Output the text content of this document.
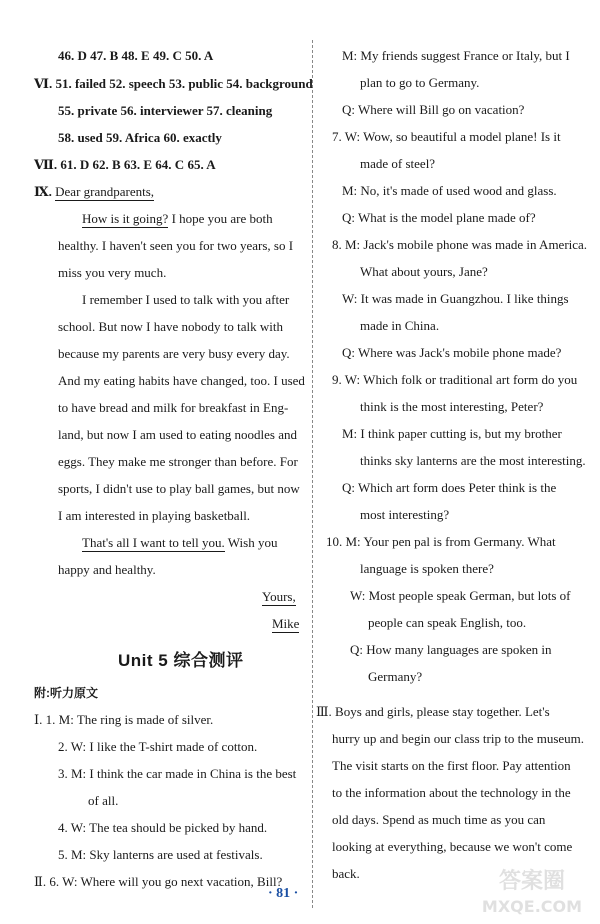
46. D 47. B 48. E 49. C 50. A
Ⅵ. 51. failed 52. speech 53. public 54. background
55. private 56. interviewer 57. cleaning
58. used 59. Africa 60. exactly
Ⅶ. 61. D 62. B 63. E 64. C 65. A
Ⅸ. Dear grandparents,
How is it going? I hope you are both
healthy. I haven't seen you for two years, so I
miss you very much.
I remember I used to talk with you after
school. But now I have nobody to talk with
because my parents are very busy every day.
And my eating habits have changed, too. I used
to have bread and milk for breakfast in Eng-
land, but now I am used to eating noodles and
eggs. They make me stronger than before. For
sports, I didn't use to play ball games, but now
I am interested in playing basketball.
That's all I want to tell you. Wish you
happy and healthy.
Yours,
Mike
Unit 5 综合测评
附:听力原文
Ⅰ. 1. M: The ring is made of silver.
2. W: I like the T-shirt made of cotton.
3. M: I think the car made in China is the best
of all.
4. W: The tea should be picked by hand.
5. M: Sky lanterns are used at festivals.
Ⅱ. 6. W: Where will you go next vacation, Bill?
M: My friends suggest France or Italy, but I
plan to go to Germany.
Q: Where will Bill go on vacation?
7. W: Wow, so beautiful a model plane! Is it
made of steel?
M: No, it's made of used wood and glass.
Q: What is the model plane made of?
8. M: Jack's mobile phone was made in America.
What about yours, Jane?
W: It was made in Guangzhou. I like things
made in China.
Q: Where was Jack's mobile phone made?
9. W: Which folk or traditional art form do you
think is the most interesting, Peter?
M: I think paper cutting is, but my brother
thinks sky lanterns are the most interesting.
Q: Which art form does Peter think is the
most interesting?
10. M: Your pen pal is from Germany. What
language is spoken there?
W: Most people speak German, but lots of
people can speak English, too.
Q: How many languages are spoken in
Germany?
Ⅲ. Boys and girls, please stay together. Let's
hurry up and begin our class trip to the museum.
The visit starts on the first floor. Pay attention
to the information about the technology in the
old days. Spend as much time as you can
looking at everything, because we won't come
back.
· 81 ·	答案圈
MXQE.COM
